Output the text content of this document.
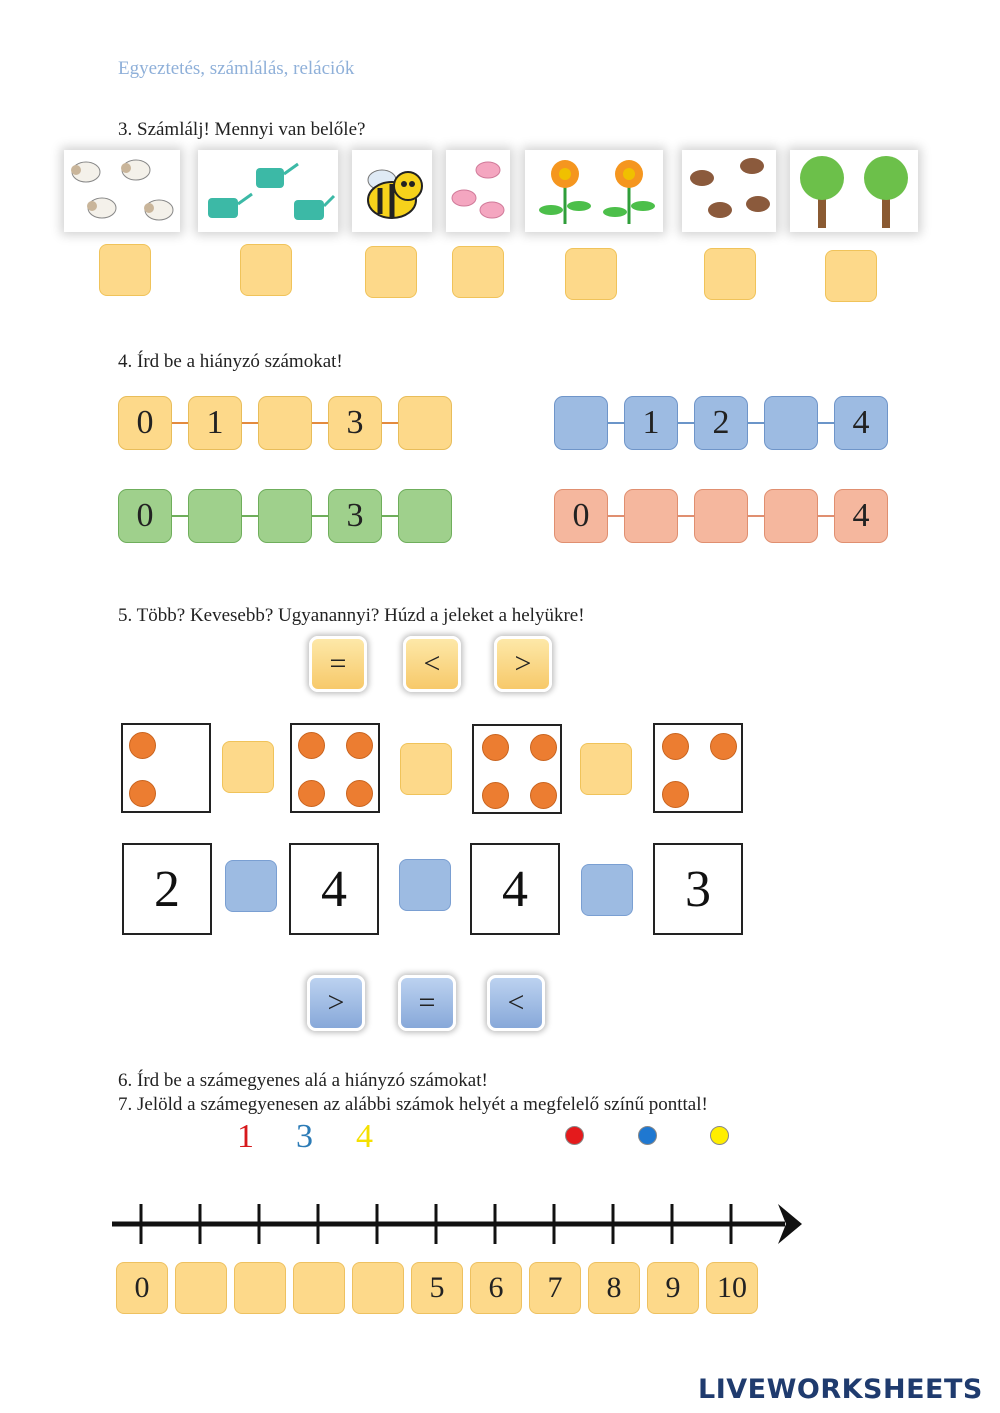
Egyeztetés, számlálás, relációk
3. Számlálj! Mennyi van belőle?
4. Írd be a hiányzó számokat!
0	1	3	1	2	4
0	3	0	4
5. Több? Kevesebb? Ugyanannyi? Húzd a jeleket a helyükre!
=	<	>
2	4	4	3
>	=	<
6. Írd be a számegyenes alá a hiányzó számokat!
7. Jelöld a számegyenesen az alábbi számok helyét a megfelelő színű ponttal!
1 3 4
0	5	6	7	8	9	10
LIVEWORKSHEETS
